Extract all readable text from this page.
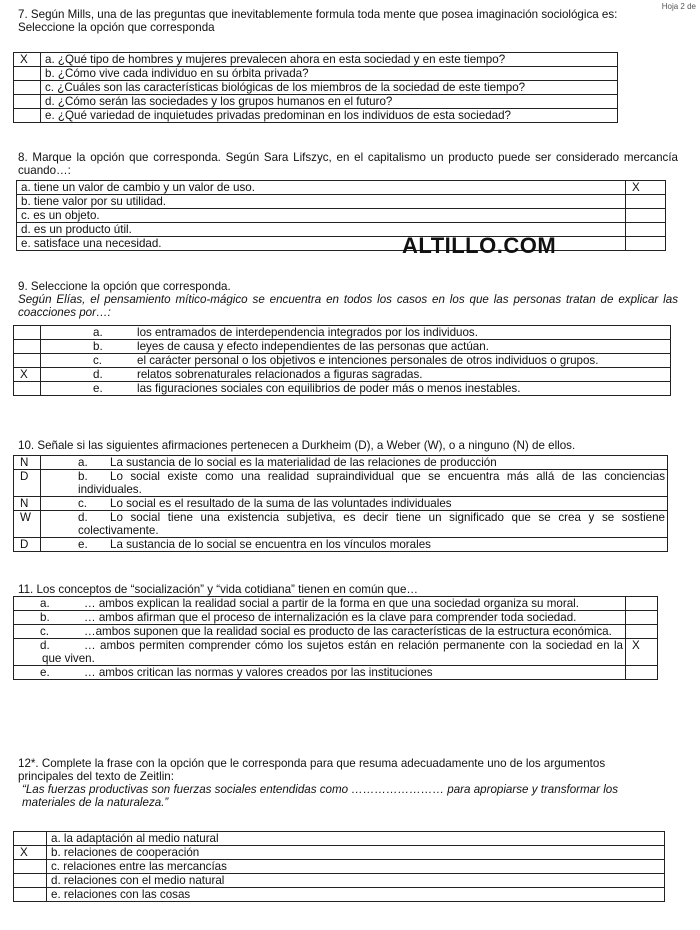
Hoja 2 de

7. Según Mills, una de las preguntas que inevitablemente formula toda mente que posea imaginación sociológica es:

Seleccione la opción que corresponda

X	a. ¿Qué tipo de hombres y mujeres prevalecen ahora en esta sociedad y en este tiempo?
	b. ¿Cómo vive cada individuo en su órbita privada?
	c. ¿Cuáles son las características biológicas de los miembros de la sociedad de este tiempo?
	d. ¿Cómo serán las sociedades y los grupos humanos en el futuro?
	e. ¿Qué variedad de inquietudes privadas predominan en los individuos de esta sociedad?

8. Marque la opción que corresponda. Según Sara Lifszyc, en el capitalismo un producto puede ser considerado mercancía cuando…:

a. tiene un valor de cambio y un valor de uso.	X
b. tiene valor por su utilidad.	
c. es un objeto.	
d. es un producto útil.	
e. satisface una necesidad.		ALTILLO.COM

9. Seleccione la opción que corresponda.

Según Elías, el pensamiento mítico-mágico se encuentra en todos los casos en los que las personas tratan de explicar las coacciones por…:

	a. los entramados de interdependencia integrados por los individuos.
	b. leyes de causa y efecto independientes de las personas que actúan.
	c. el carácter personal o los objetivos e intenciones personales de otros individuos o grupos.
X	d. relatos sobrenaturales relacionados a figuras sagradas.
	e. las figuraciones sociales con equilibrios de poder más o menos inestables.

10. Señale si las siguientes afirmaciones pertenecen a Durkheim (D), a Weber (W), o a ninguno (N) de ellos.

N	a. La sustancia de lo social es la materialidad de las relaciones de producción
D	b. Lo social existe como una realidad supraindividual que se encuentra más allá de las conciencias individuales.
N	c. Lo social es el resultado de la suma de las voluntades individuales
W	d. Lo social tiene una existencia subjetiva, es decir tiene un significado que se crea y se sostiene colectivamente.
D	e. La sustancia de lo social se encuentra en los vínculos morales

11. Los conceptos de “socialización” y “vida cotidiana” tienen en común que…

a. … ambos explican la realidad social a partir de la forma en que una sociedad organiza su moral.	
b. … ambos afirman que el proceso de internalización es la clave para comprender toda sociedad.	
c. …ambos suponen que la realidad social es producto de las características de la estructura económica.	
d. … ambos permiten comprender cómo los sujetos están en relación permanente con la sociedad en la que viven.	X
e. … ambos critican las normas y valores creados por las instituciones	

12*. Complete la frase con la opción que le corresponda para que resuma adecuadamente uno de los argumentos principales del texto de Zeitlin:

“Las fuerzas productivas son fuerzas sociales entendidas como …………………… para apropiarse y transformar los materiales de la naturaleza.”

	a. la adaptación al medio natural
X	b. relaciones de cooperación
	c. relaciones entre las mercancías
	d. relaciones con el medio natural
	e. relaciones con las cosas
